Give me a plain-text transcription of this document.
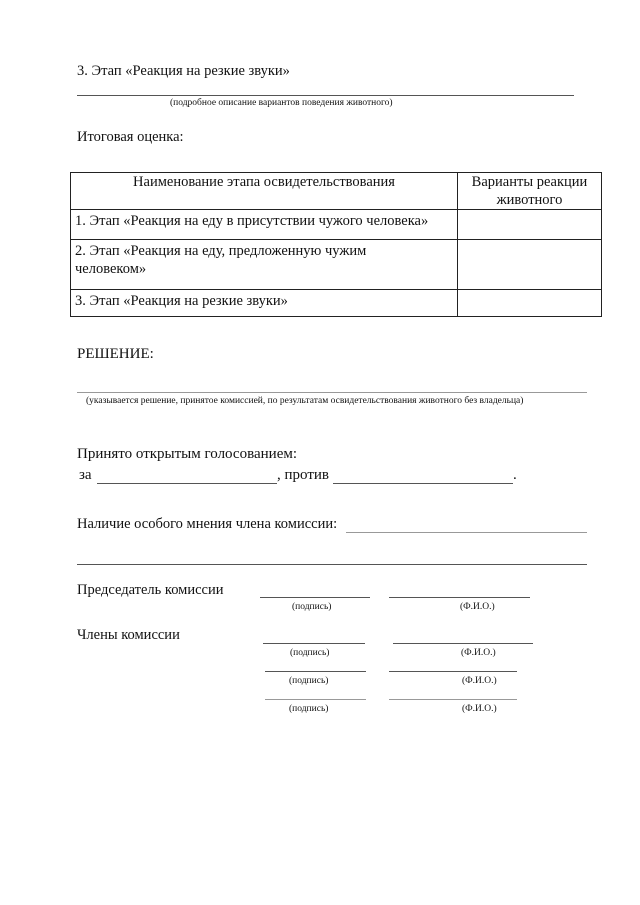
3. Этап «Реакция на резкие звуки»
(подробное описание вариантов поведения животного)
Итоговая оценка:
Наименование этапа освидетельствования	Варианты реакции животного
1. Этап «Реакция на еду в присутствии чужого человека»	
2. Этап «Реакция на еду, предложенную чужим человеком»	
3. Этап «Реакция на резкие звуки»	
РЕШЕНИЕ:
(указывается решение, принятое комиссией, по результатам освидетельствования животного без владельца)
Принято открытым голосованием:
за	, против	.
Наличие особого мнения члена комиссии:
Председатель комиссии
(подпись)	(Ф.И.О.)
Члены комиссии
(подпись)	(Ф.И.О.)
(подпись)	(Ф.И.О.)
(подпись)	(Ф.И.О.)
